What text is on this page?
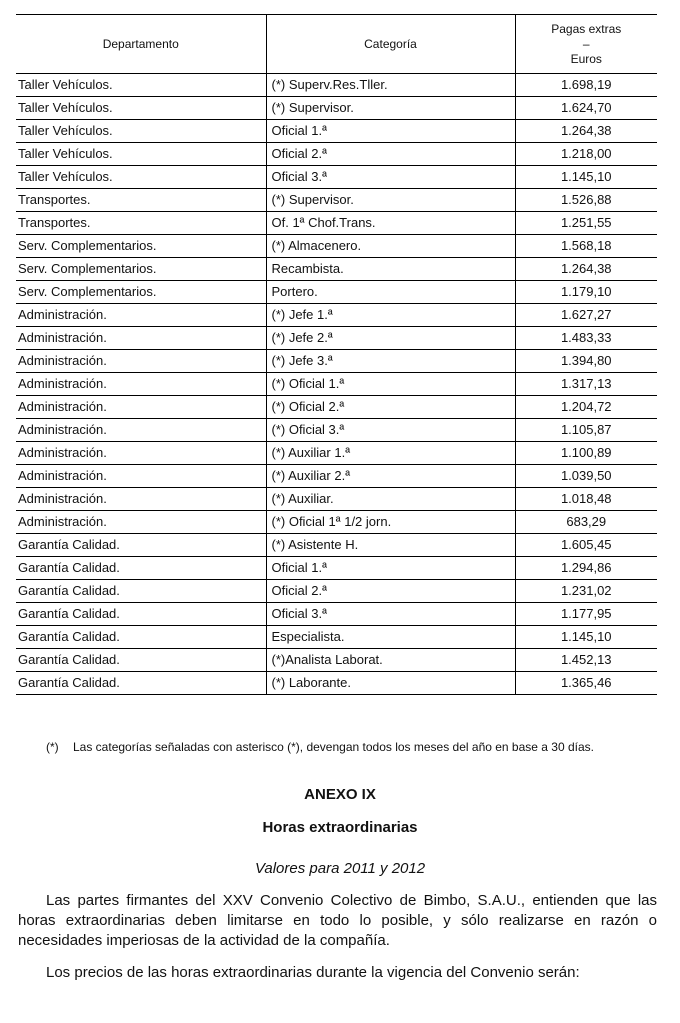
Departamento	Categoría	Pagas extras
–
Euros
Taller Vehículos.	(*) Superv.Res.Tller.	1.698,19
Taller Vehículos.	(*) Supervisor.	1.624,70
Taller Vehículos.	Oficial 1.ª	1.264,38
Taller Vehículos.	Oficial 2.ª	1.218,00
Taller Vehículos.	Oficial 3.ª	1.145,10
Transportes.	(*) Supervisor.	1.526,88
Transportes.	Of. 1ª Chof.Trans.	1.251,55
Serv. Complementarios.	(*) Almacenero.	1.568,18
Serv. Complementarios.	Recambista.	1.264,38
Serv. Complementarios.	Portero.	1.179,10
Administración.	(*) Jefe 1.ª	1.627,27
Administración.	(*) Jefe 2.ª	1.483,33
Administración.	(*) Jefe 3.ª	1.394,80
Administración.	(*) Oficial 1.ª	1.317,13
Administración.	(*) Oficial 2.ª	1.204,72
Administración.	(*) Oficial 3.ª	1.105,87
Administración.	(*) Auxiliar 1.ª	1.100,89
Administración.	(*) Auxiliar 2.ª	1.039,50
Administración.	(*) Auxiliar.	1.018,48
Administración.	(*) Oficial 1ª 1/2 jorn.	683,29
Garantía Calidad.	(*) Asistente H.	1.605,45
Garantía Calidad.	Oficial 1.ª	1.294,86
Garantía Calidad.	Oficial 2.ª	1.231,02
Garantía Calidad.	Oficial 3.ª	1.177,95
Garantía Calidad.	Especialista.	1.145,10
Garantía Calidad.	(*)Analista Laborat.	1.452,13
Garantía Calidad.	(*) Laborante.	1.365,46
(*) Las categorías señaladas con asterisco (*), devengan todos los meses del año en base a 30 días.
ANEXO IX
Horas extraordinarias
Valores para 2011 y 2012

Las partes firmantes del XXV Convenio Colectivo de Bimbo, S.A.U., entienden que las horas extraordinarias deben limitarse en todo lo posible, y sólo realizarse en razón o necesidades imperiosas de la actividad de la compañía.

Los precios de las horas extraordinarias durante la vigencia del Convenio serán:
